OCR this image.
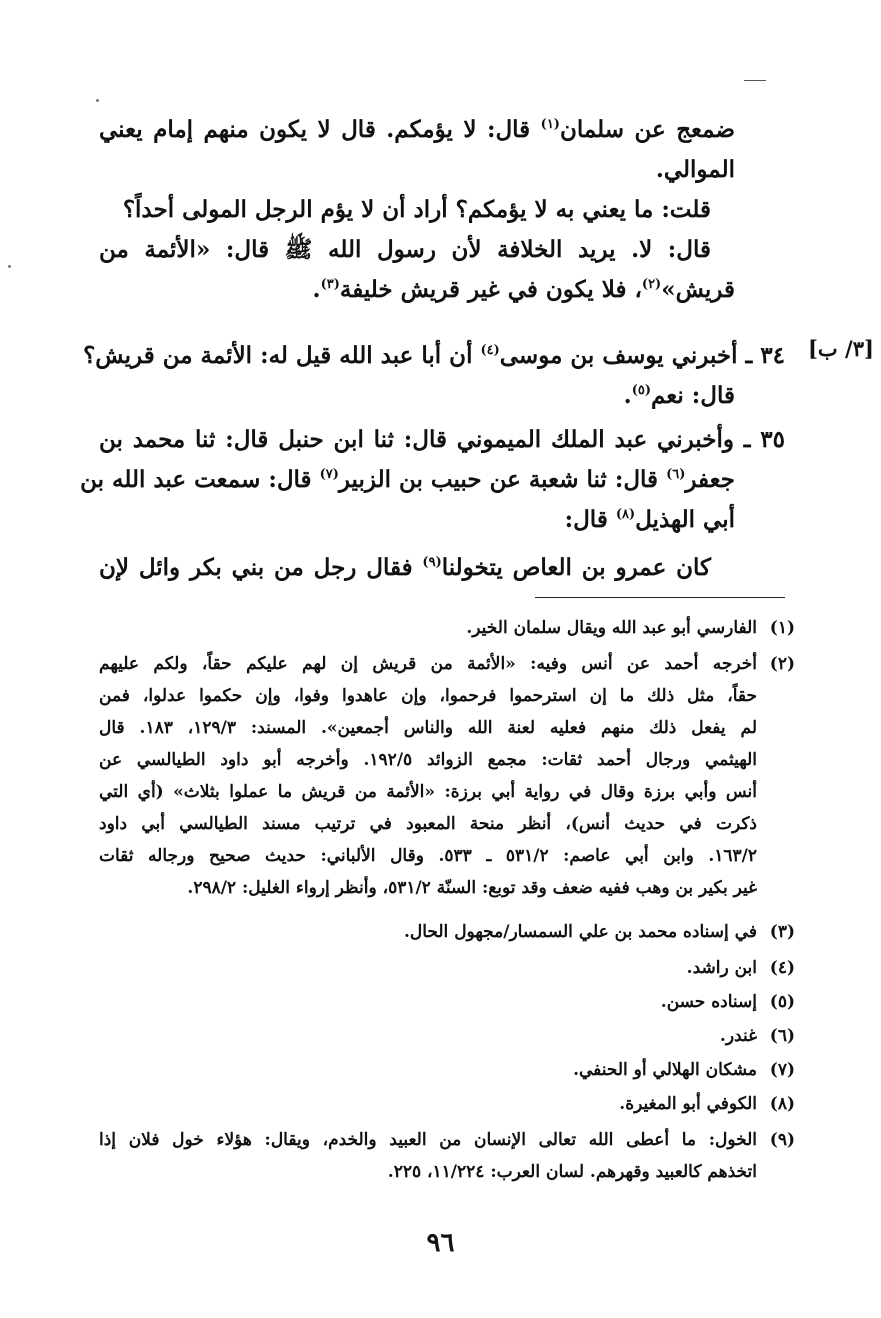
[٣/ ب]
ضمعج عن سلمان$^{(١)}$ قال: لا يؤمكم. قال لا يكون منهم إمام يعني
الموالي.
قلت: ما يعني به لا يؤمكم؟ أراد أن لا يؤم الرجل المولى أحداً؟
قال: لا. يريد الخلافة لأن رسول الله ﷺ قال: «الأئمة من
قريش»$^{(٢)}$، فلا يكون في غير قريش خليفة$^{(٣)}$.
٣٤ ـ أخبرني يوسف بن موسى$^{(٤)}$ أن أبا عبد الله قيل له: الأئمة من قريش؟
قال: نعم$^{(٥)}$.
٣٥ ـ وأخبرني عبد الملك الميموني قال: ثنا ابن حنبل قال: ثنا محمد بن
جعفر$^{(٦)}$ قال: ثنا شعبة عن حبيب بن الزبير$^{(٧)}$ قال: سمعت عبد الله بن
أبي الهذيل$^{(٨)}$ قال:
كان عمرو بن العاص يتخولنا$^{(٩)}$ فقال رجل من بني بكر وائل لإن
(١)
الفارسي أبو عبد الله ويقال سلمان الخير.
(٢)
أخرجه أحمد عن أنس وفيه: «الأئمة من قريش إن لهم عليكم حقاً، ولكم عليهم
حقاً، مثل ذلك ما إن استرحموا فرحموا، وإن عاهدوا وفوا، وإن حكموا عدلوا، فمن
لم يفعل ذلك منهم فعليه لعنة الله والناس أجمعين». المسند: ١٢٩/٣، ١٨٣. قال
الهيثمي ورجال أحمد ثقات: مجمع الزوائد ١٩٢/٥. وأخرجه أبو داود الطيالسي عن
أنس وأبي برزة وقال في رواية أبي برزة: «الأئمة من قريش ما عملوا بثلاث» (أي التي
ذكرت في حديث أنس)، أنظر منحة المعبود في ترتيب مسند الطيالسي أبي داود
١٦٣/٢. وابن أبي عاصم: ٥٣١/٢ ـ ٥٣٣. وقال الألباني: حديث صحيح ورجاله ثقات
غير بكير بن وهب ففيه ضعف وقد توبع: السنّة ٥٣١/٢، وأنظر إرواء الغليل: ٢٩٨/٢.
(٣)
في إسناده محمد بن علي السمسار/مجهول الحال.
(٤)
ابن راشد.
(٥)
إسناده حسن.
(٦)
غندر.
(٧)
مشكان الهلالي أو الحنفي.
(٨)
الكوفي أبو المغيرة.
(٩)
الخول: ما أعطى الله تعالى الإنسان من العبيد والخدم، ويقال: هؤلاء خول فلان إذا
اتخذهم كالعبيد وقهرهم. لسان العرب: ١١/٢٢٤، ٢٢٥.
٩٦
